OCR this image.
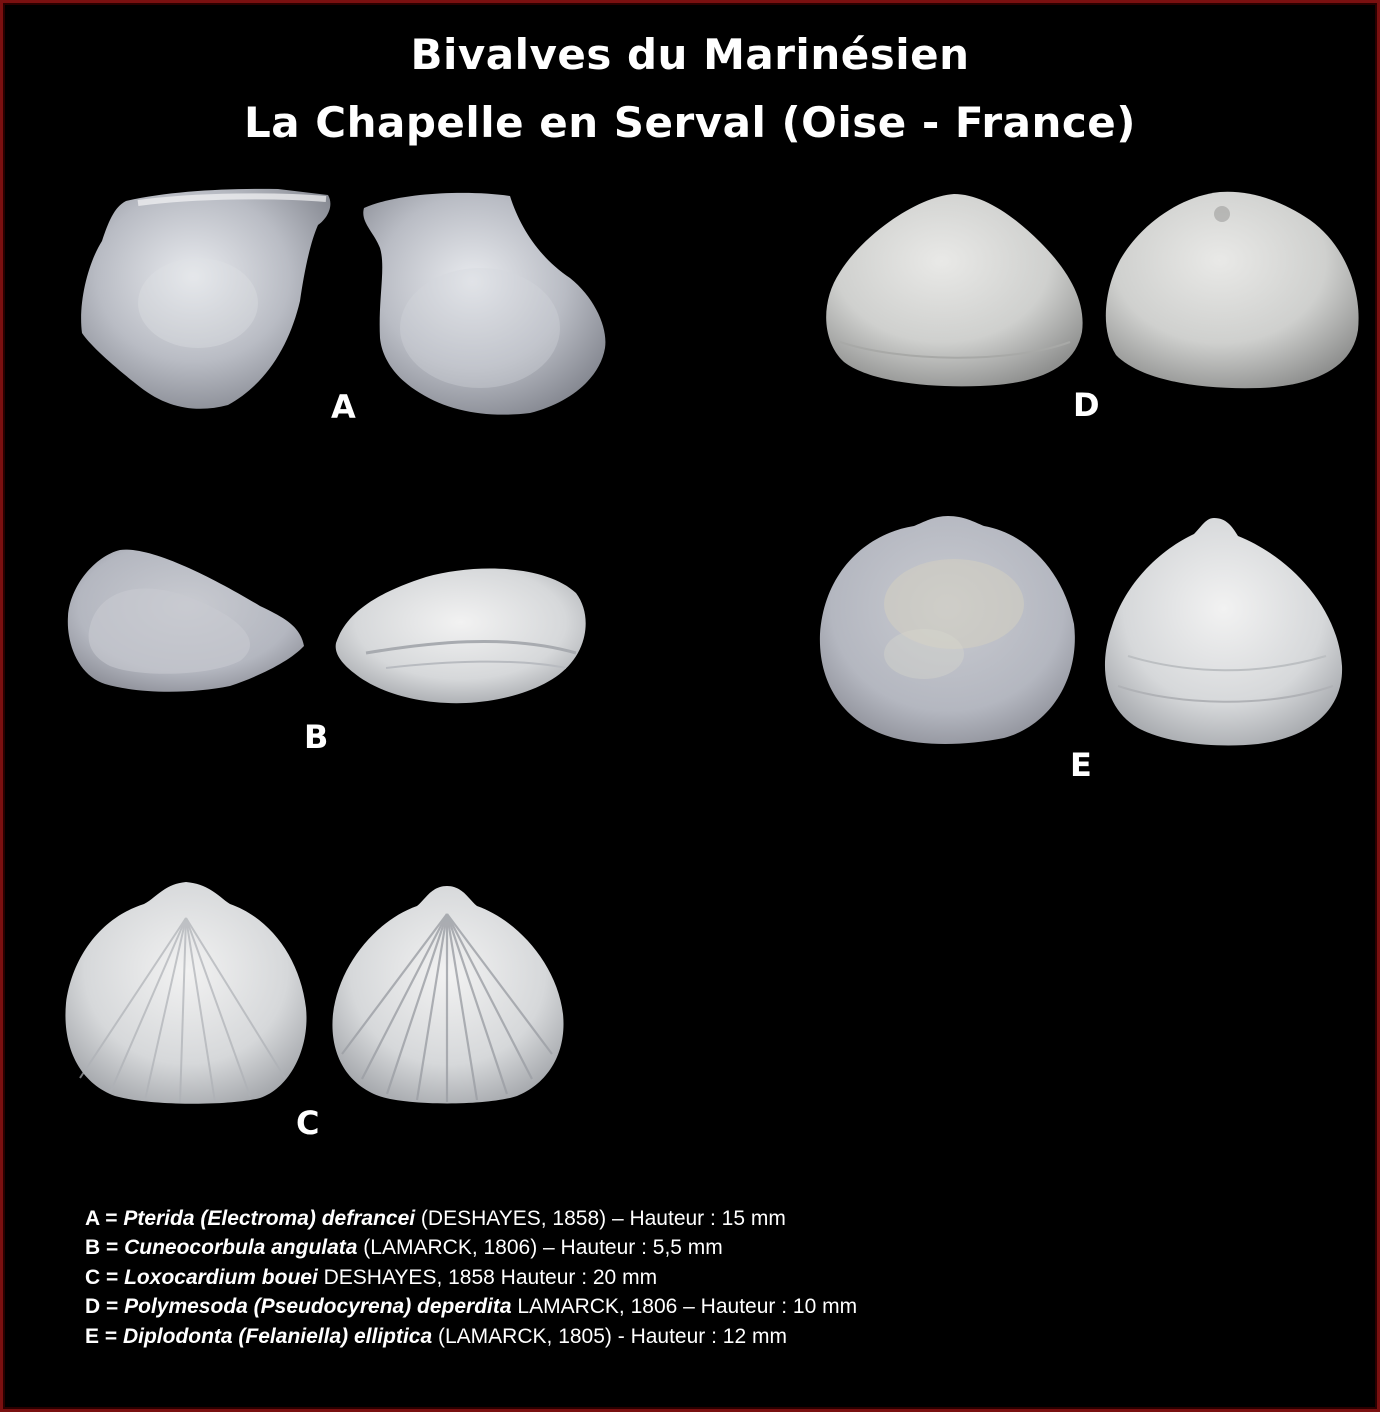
Bivalves du Marinésien
La Chapelle en Serval (Oise - France)
A
B
C
D
E
A = Pterida (Electroma) defrancei (DESHAYES, 1858) – Hauteur : 15 mm
B = Cuneocorbula angulata (LAMARCK, 1806) – Hauteur : 5,5 mm
C = Loxocardium bouei DESHAYES, 1858 Hauteur : 20 mm
D = Polymesoda (Pseudocyrena) deperdita LAMARCK, 1806 – Hauteur : 10 mm
E = Diplodonta (Felaniella) elliptica (LAMARCK, 1805) - Hauteur : 12 mm
